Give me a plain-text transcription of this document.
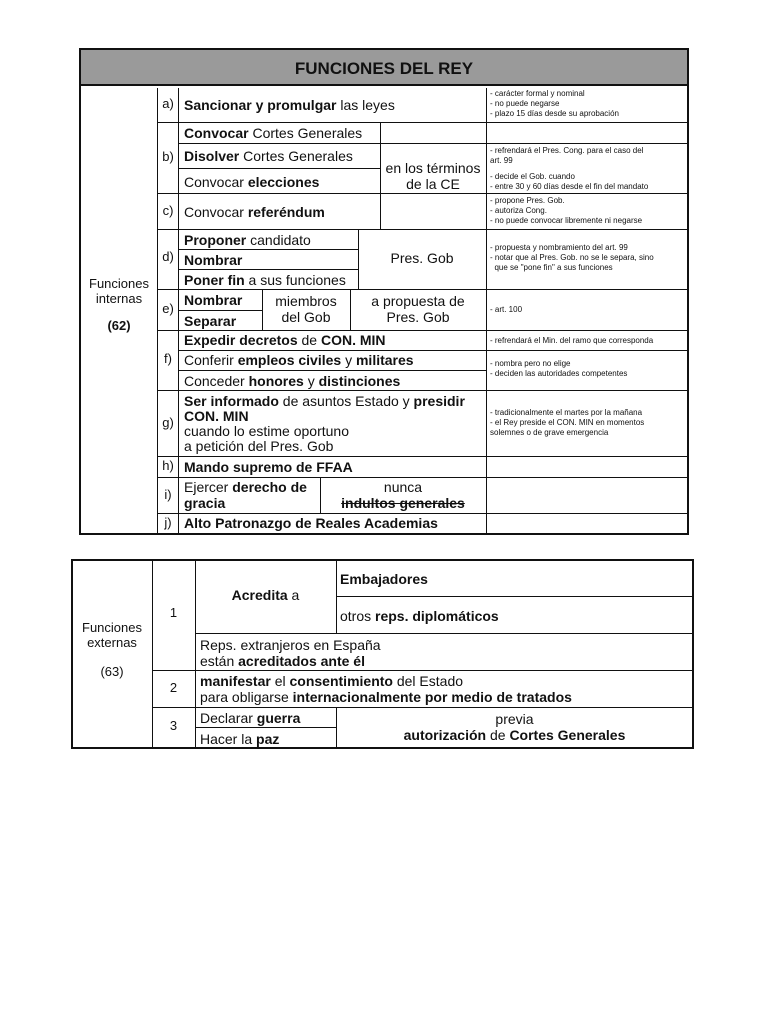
FUNCIONES DEL REY
Funciones
internas
(62)
a)
b)
c)
d)
e)
f)
g)
h)
i)
j)
Sancionar y promulgar las leyes
- carácter formal y nominal
- no puede negarse
- plazo 15 días desde su aprobación
Convocar Cortes Generales
Disolver Cortes Generales
Convocar elecciones
en los términos
de la CE
- refrendará el Pres. Cong. para el caso del
art. 99
- decide el Gob. cuando
- entre 30 y 60 días desde el fin del mandato
Convocar referéndum
- propone Pres. Gob.
- autoriza Cong.
- no puede convocar libremente ni negarse
Proponer candidato
Nombrar
Poner fin a sus funciones
Pres. Gob
- propuesta y nombramiento del art. 99
- notar que al Pres. Gob. no se le separa, sino
que se "pone fin" a sus funciones
Nombrar
Separar
miembros
del Gob
a propuesta de
Pres. Gob	- art. 100
Expedir decretos de CON. MIN
Conferir empleos civiles y militares
Conceder honores y distinciones
- refrendará el Min. del ramo que corresponda
- nombra pero no elige
- deciden las autoridades competentes
Ser informado de asuntos Estado y presidir
CON. MIN
cuando lo estime oportuno
a petición del Pres. Gob
- tradicionalmente el martes por la mañana
- el Rey preside el CON. MIN en momentos
solemnes o de grave emergencia
Mando supremo de FFAA
Ejercer derecho de
gracia
nunca
indultos generales
Alto Patronazgo de Reales Academias
Funciones
externas
(63)
1
2
3
Acredita a
Embajadores
otros reps. diplomáticos
Reps. extranjeros en España
están acreditados ante él
manifestar el consentimiento del Estado
para obligarse internacionalmente por medio de tratados
Declarar guerra
Hacer la paz
previa
autorización de Cortes Generales
